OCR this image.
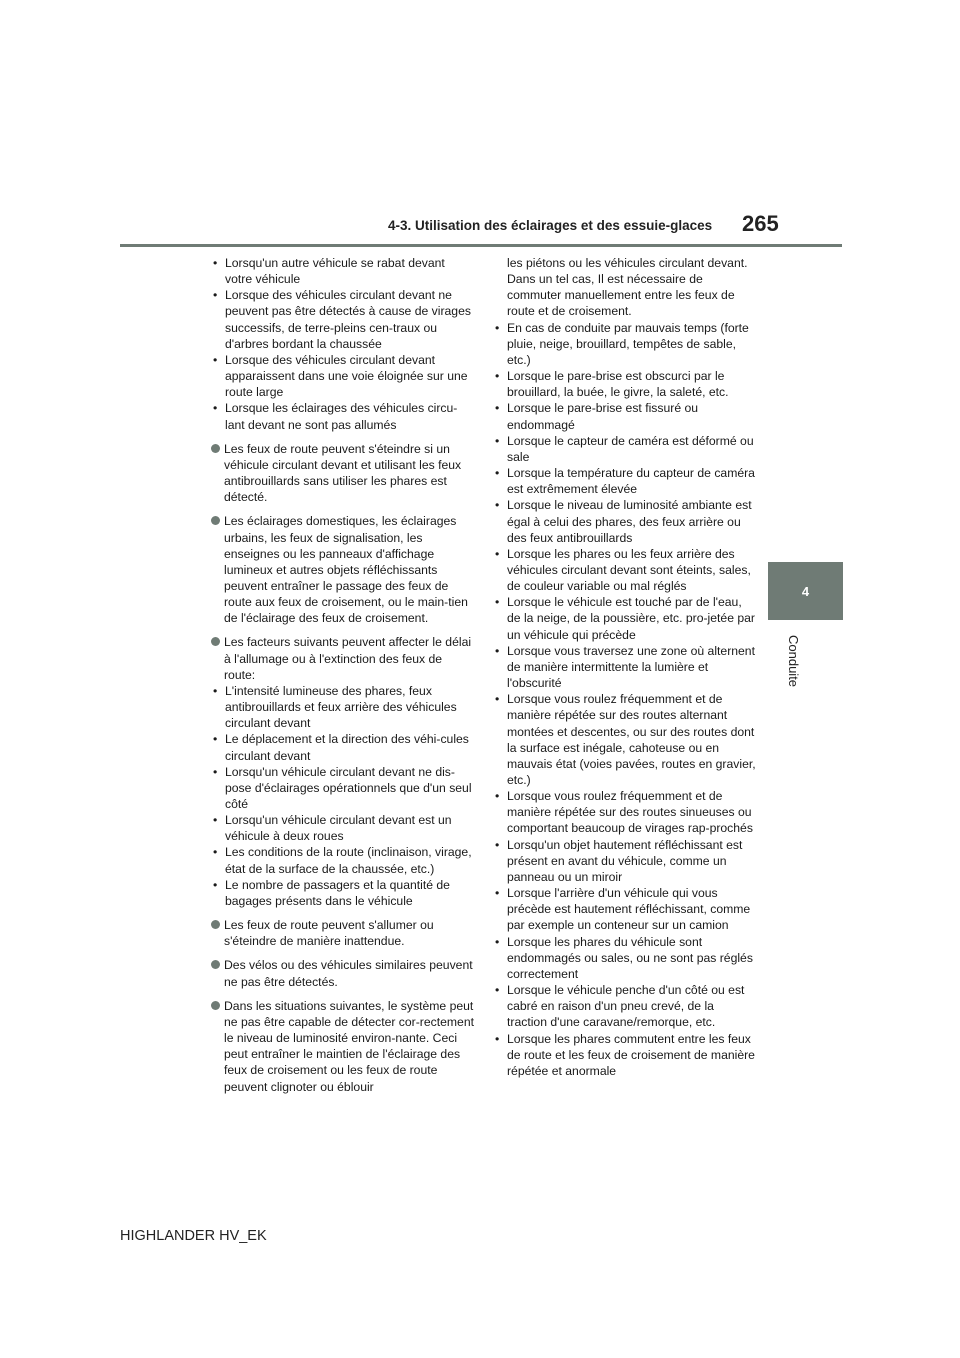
4-3. Utilisation des éclairages et des essuie-glaces 265
4
Conduite
• Lorsqu'un autre véhicule se rabat devant votre véhicule
• Lorsque des véhicules circulant devant ne peuvent pas être détectés à cause de virages successifs, de terre-pleins cen-traux ou d'arbres bordant la chaussée
• Lorsque des véhicules circulant devant apparaissent dans une voie éloignée sur une route large
• Lorsque les éclairages des véhicules circu-lant devant ne sont pas allumés
Les feux de route peuvent s'éteindre si un véhicule circulant devant et utilisant les feux antibrouillards sans utiliser les phares est détecté.
Les éclairages domestiques, les éclairages urbains, les feux de signalisation, les enseignes ou les panneaux d'affichage lumineux et autres objets réfléchissants peuvent entraîner le passage des feux de route aux feux de croisement, ou le main-tien de l'éclairage des feux de croisement.
Les facteurs suivants peuvent affecter le délai à l'allumage ou à l'extinction des feux de route:
• L'intensité lumineuse des phares, feux antibrouillards et feux arrière des véhicules circulant devant
• Le déplacement et la direction des véhi-cules circulant devant
• Lorsqu'un véhicule circulant devant ne dis-pose d'éclairages opérationnels que d'un seul côté
• Lorsqu'un véhicule circulant devant est un véhicule à deux roues
• Les conditions de la route (inclinaison, virage, état de la surface de la chaussée, etc.)
• Le nombre de passagers et la quantité de bagages présents dans le véhicule
Les feux de route peuvent s'allumer ou s'éteindre de manière inattendue.
Des vélos ou des véhicules similaires peuvent ne pas être détectés.
Dans les situations suivantes, le système peut ne pas être capable de détecter cor-rectement le niveau de luminosité environ-nante. Ceci peut entraîner le maintien de l'éclairage des feux de croisement ou les feux de route peuvent clignoter ou éblouir
les piétons ou les véhicules circulant devant. Dans un tel cas, Il est nécessaire de commuter manuellement entre les feux de route et de croisement.
• En cas de conduite par mauvais temps (forte pluie, neige, brouillard, tempêtes de sable, etc.)
• Lorsque le pare-brise est obscurci par le brouillard, la buée, le givre, la saleté, etc.
• Lorsque le pare-brise est fissuré ou endommagé
• Lorsque le capteur de caméra est déformé ou sale
• Lorsque la température du capteur de caméra est extrêmement élevée
• Lorsque le niveau de luminosité ambiante est égal à celui des phares, des feux arrière ou des feux antibrouillards
• Lorsque les phares ou les feux arrière des véhicules circulant devant sont éteints, sales, de couleur variable ou mal réglés
• Lorsque le véhicule est touché par de l'eau, de la neige, de la poussière, etc. pro-jetée par un véhicule qui précède
• Lorsque vous traversez une zone où alternent de manière intermittente la lumière et l'obscurité
• Lorsque vous roulez fréquemment et de manière répétée sur des routes alternant montées et descentes, ou sur des routes dont la surface est inégale, cahoteuse ou en mauvais état (voies pavées, routes en gravier, etc.)
• Lorsque vous roulez fréquemment et de manière répétée sur des routes sinueuses ou comportant beaucoup de virages rap-prochés
• Lorsqu'un objet hautement réfléchissant est présent en avant du véhicule, comme un panneau ou un miroir
• Lorsque l'arrière d'un véhicule qui vous précède est hautement réfléchissant, comme par exemple un conteneur sur un camion
• Lorsque les phares du véhicule sont endommagés ou sales, ou ne sont pas réglés correctement
• Lorsque le véhicule penche d'un côté ou est cabré en raison d'un pneu crevé, de la traction d'une caravane/remorque, etc.
• Lorsque les phares commutent entre les feux de route et les feux de croisement de manière répétée et anormale
HIGHLANDER HV_EK
